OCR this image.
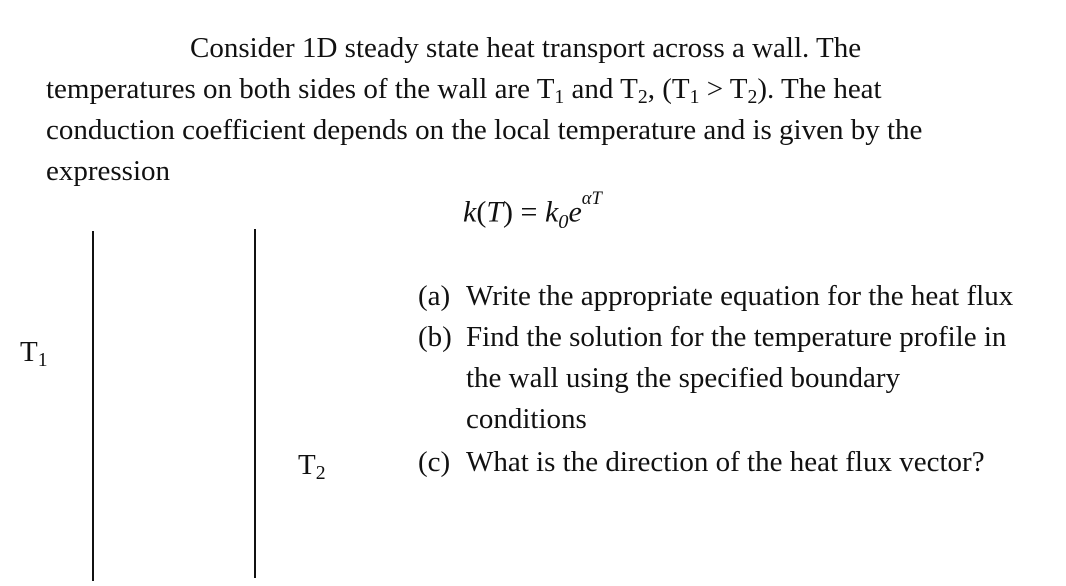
Consider 1D steady state heat transport across a wall. The
temperatures on both sides of the wall are $T_1$ and $T_2$, $(T_1 > T_2)$. The heat
conduction coefficient depends on the local temperature and is given by the
expression
$k(T) = k_0e^{\alpha T}$
$T_1$
$T_2$
(a) Write the appropriate equation for the heat flux
(b) Find the solution for the temperature profile in
the wall using the specified boundary
conditions
(c) What is the direction of the heat flux vector?
